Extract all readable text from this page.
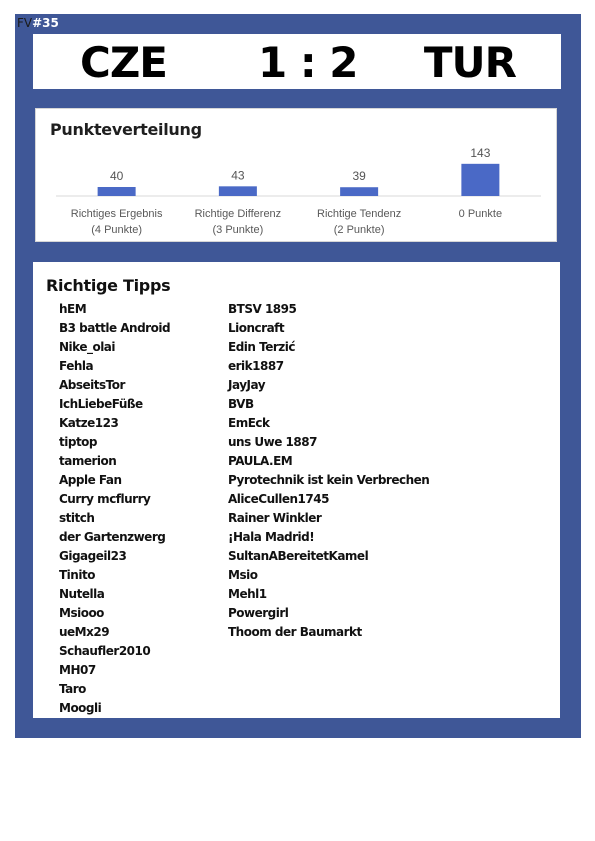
FV#35
CZE 1 : 2 TUR
40
Richtiges Ergebnis
(4 Punkte)
43
Richtige Differenz
(3 Punkte)
39
Richtige Tendenz
(2 Punkte)
143
0 Punkte
Punkteverteilung
Richtige Tipps
hEM
B3 battle Android
Nike_olai
Fehla
AbseitsTor
IchLiebeFüße
Katze123
tiptop
tamerion
Apple Fan
Curry mcflurry
stitch
der Gartenzwerg
Gigageil23
Tinito
Nutella
Msiooo
ueMx29
Schaufler2010
MH07
Taro
Moogli
BTSV 1895
Lioncraft
Edin Terzić
erik1887
JayJay
BVB
EmEck
uns Uwe 1887
PAULA.EM
Pyrotechnik ist kein Verbrechen
AliceCullen1745
Rainer Winkler
¡Hala Madrid!
SultanABereitetKamel
Msio
Mehl1
Powergirl
Thoom der Baumarkt
